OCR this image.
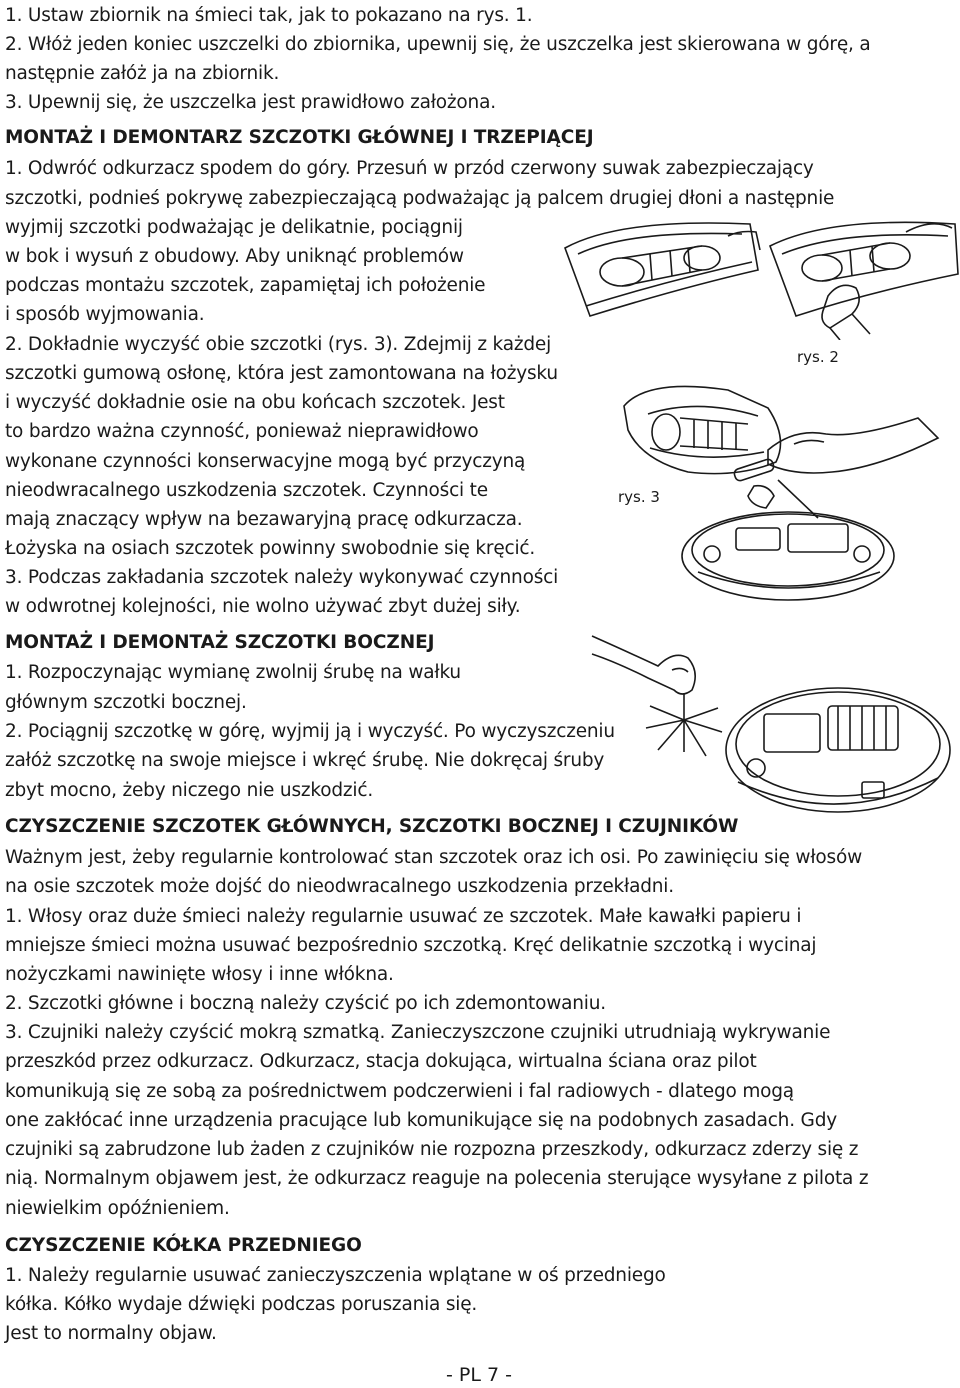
1. Ustaw zbiornik na śmieci tak, jak to pokazano na rys. 1.
2. Włóż jeden koniec uszczelki do zbiornika, upewnij się, że uszczelka jest skierowana w górę, a
następnie załóż ja na zbiornik.
3. Upewnij się, że uszczelka jest prawidłowo założona.
MONTAŻ I DEMONTARZ SZCZOTKI GŁÓWNEJ I TRZEPIĄCEJ
1. Odwróć odkurzacz spodem do góry. Przesuń w przód czerwony suwak zabezpieczający
szczotki, podnieś pokrywę zabezpieczającą podważając ją palcem drugiej dłoni a następnie
wyjmij szczotki podważając je delikatnie, pociągnij
w bok i wysuń z obudowy. Aby uniknąć problemów
podczas montażu szczotek, zapamiętaj ich położenie
i sposób wyjmowania.
2. Dokładnie wyczyść obie szczotki (rys. 3). Zdejmij z każdej
szczotki gumową osłonę, która jest zamontowana na łożysku
i wyczyść dokładnie osie na obu końcach szczotek. Jest
to bardzo ważna czynność, ponieważ nieprawidłowo
wykonane czynności konserwacyjne mogą być przyczyną
nieodwracalnego uszkodzenia szczotek. Czynności te
mają znaczący wpływ na bezawaryjną pracę odkurzacza.
Łożyska na osiach szczotek powinny swobodnie się kręcić.
3. Podczas zakładania szczotek należy wykonywać czynności
w odwrotnej kolejności, nie wolno używać zbyt dużej siły.
MONTAŻ I DEMONTAŻ SZCZOTKI BOCZNEJ
1. Rozpoczynając wymianę zwolnij śrubę na wałku
głównym szczotki bocznej.
2. Pociągnij szczotkę w górę, wyjmij ją i wyczyść. Po wyczyszczeniu
załóż szczotkę na swoje miejsce i wkręć śrubę. Nie dokręcaj śruby
zbyt mocno, żeby niczego nie uszkodzić.
CZYSZCZENIE SZCZOTEK GŁÓWNYCH, SZCZOTKI BOCZNEJ I CZUJNIKÓW
Ważnym jest, żeby regularnie kontrolować stan szczotek oraz ich osi. Po zawinięciu się włosów
na osie szczotek może dojść do nieodwracalnego uszkodzenia przekładni.
1. Włosy oraz duże śmieci należy regularnie usuwać ze szczotek. Małe kawałki papieru i
mniejsze śmieci można usuwać bezpośrednio szczotką. Kręć delikatnie szczotką i wycinaj
nożyczkami nawinięte włosy i inne włókna.
2. Szczotki główne i boczną należy czyścić po ich zdemontowaniu.
3. Czujniki należy czyścić mokrą szmatką. Zanieczyszczone czujniki utrudniają wykrywanie
przeszkód przez odkurzacz. Odkurzacz, stacja dokująca, wirtualna ściana oraz pilot
komunikują się ze sobą za pośrednictwem podczerwieni i fal radiowych - dlatego mogą
one zakłócać inne urządzenia pracujące lub komunikujące się na podobnych zasadach. Gdy
czujniki są zabrudzone lub żaden z czujników nie rozpozna przeszkody, odkurzacz zderzy się z
nią. Normalnym objawem jest, że odkurzacz reaguje na polecenia sterujące wysyłane z pilota z
niewielkim opóźnieniem.
CZYSZCZENIE KÓŁKA PRZEDNIEGO
1. Należy regularnie usuwać zanieczyszczenia wplątane w oś przedniego
kółka. Kółko wydaje dźwięki podczas poruszania się.
Jest to normalny objaw.
rys. 2
rys. 3
- PL 7 -
